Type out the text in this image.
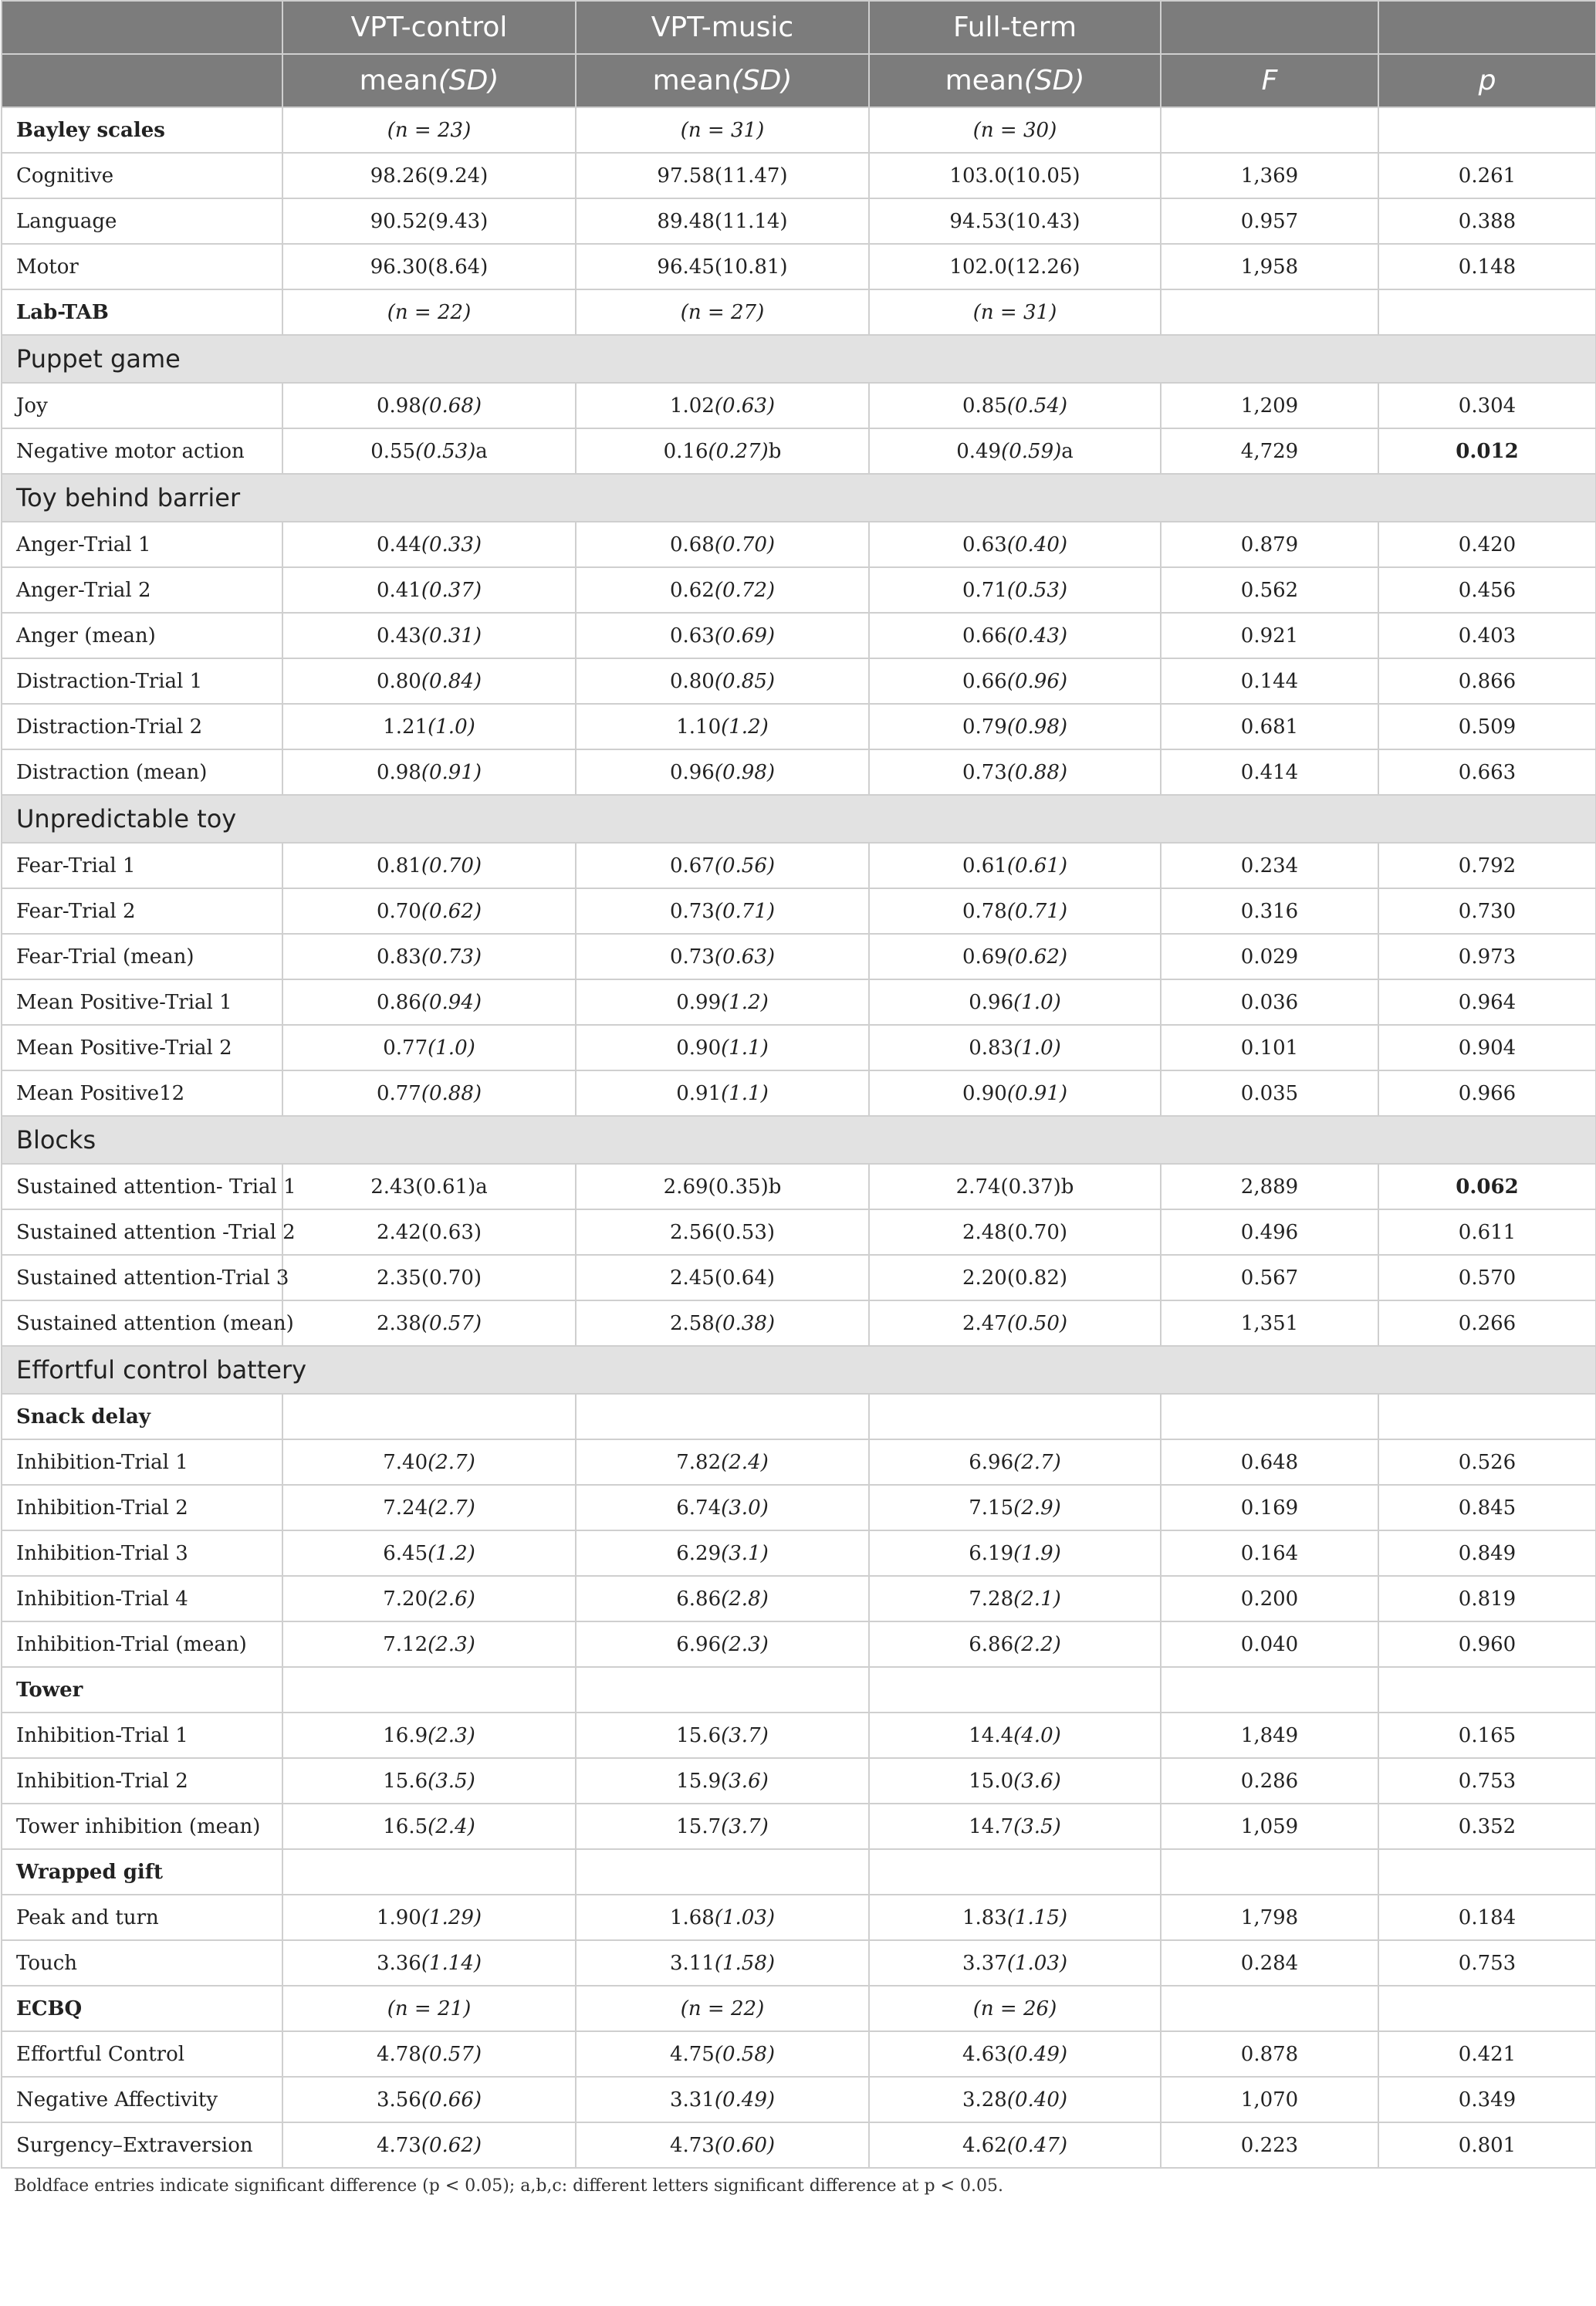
	VPT-control	VPT-music	Full-term		
	mean(SD)	mean(SD)	mean(SD)	F	p
Bayley scales	(n = 23)	(n = 31)	(n = 30)		
Cognitive	98.26(9.24)	97.58(11.47)	103.0(10.05)	1,369	0.261
Language	90.52(9.43)	89.48(11.14)	94.53(10.43)	0.957	0.388
Motor	96.30(8.64)	96.45(10.81)	102.0(12.26)	1,958	0.148
Lab-TAB	(n = 22)	(n = 27)	(n = 31)		
Puppet game					
Joy	0.98(0.68)	1.02(0.63)	0.85(0.54)	1,209	0.304
Negative motor action	0.55(0.53)a	0.16(0.27)b	0.49(0.59)a	4,729	0.012
Toy behind barrier					
Anger-Trial 1	0.44(0.33)	0.68(0.70)	0.63(0.40)	0.879	0.420
Anger-Trial 2	0.41(0.37)	0.62(0.72)	0.71(0.53)	0.562	0.456
Anger (mean)	0.43(0.31)	0.63(0.69)	0.66(0.43)	0.921	0.403
Distraction-Trial 1	0.80(0.84)	0.80(0.85)	0.66(0.96)	0.144	0.866
Distraction-Trial 2	1.21(1.0)	1.10(1.2)	0.79(0.98)	0.681	0.509
Distraction (mean)	0.98(0.91)	0.96(0.98)	0.73(0.88)	0.414	0.663
Unpredictable toy					
Fear-Trial 1	0.81(0.70)	0.67(0.56)	0.61(0.61)	0.234	0.792
Fear-Trial 2	0.70(0.62)	0.73(0.71)	0.78(0.71)	0.316	0.730
Fear-Trial (mean)	0.83(0.73)	0.73(0.63)	0.69(0.62)	0.029	0.973
Mean Positive-Trial 1	0.86(0.94)	0.99(1.2)	0.96(1.0)	0.036	0.964
Mean Positive-Trial 2	0.77(1.0)	0.90(1.1)	0.83(1.0)	0.101	0.904
Mean Positive12	0.77(0.88)	0.91(1.1)	0.90(0.91)	0.035	0.966
Blocks					
Sustained attention- Trial 1	2.43(0.61)a	2.69(0.35)b	2.74(0.37)b	2,889	0.062
Sustained attention -Trial 2	2.42(0.63)	2.56(0.53)	2.48(0.70)	0.496	0.611
Sustained attention-Trial 3	2.35(0.70)	2.45(0.64)	2.20(0.82)	0.567	0.570
Sustained attention (mean)	2.38(0.57)	2.58(0.38)	2.47(0.50)	1,351	0.266
Effortful control battery					
Snack delay					
Inhibition-Trial 1	7.40(2.7)	7.82(2.4)	6.96(2.7)	0.648	0.526
Inhibition-Trial 2	7.24(2.7)	6.74(3.0)	7.15(2.9)	0.169	0.845
Inhibition-Trial 3	6.45(1.2)	6.29(3.1)	6.19(1.9)	0.164	0.849
Inhibition-Trial 4	7.20(2.6)	6.86(2.8)	7.28(2.1)	0.200	0.819
Inhibition-Trial (mean)	7.12(2.3)	6.96(2.3)	6.86(2.2)	0.040	0.960
Tower					
Inhibition-Trial 1	16.9(2.3)	15.6(3.7)	14.4(4.0)	1,849	0.165
Inhibition-Trial 2	15.6(3.5)	15.9(3.6)	15.0(3.6)	0.286	0.753
Tower inhibition (mean)	16.5(2.4)	15.7(3.7)	14.7(3.5)	1,059	0.352
Wrapped gift					
Peak and turn	1.90(1.29)	1.68(1.03)	1.83(1.15)	1,798	0.184
Touch	3.36(1.14)	3.11(1.58)	3.37(1.03)	0.284	0.753
ECBQ	(n = 21)	(n = 22)	(n = 26)		
Effortful Control	4.78(0.57)	4.75(0.58)	4.63(0.49)	0.878	0.421
Negative Affectivity	3.56(0.66)	3.31(0.49)	3.28(0.40)	1,070	0.349
Surgency–Extraversion	4.73(0.62)	4.73(0.60)	4.62(0.47)	0.223	0.801
Boldface entries indicate significant difference (p < 0.05); a,b,c: different letters significant difference at p < 0.05.
